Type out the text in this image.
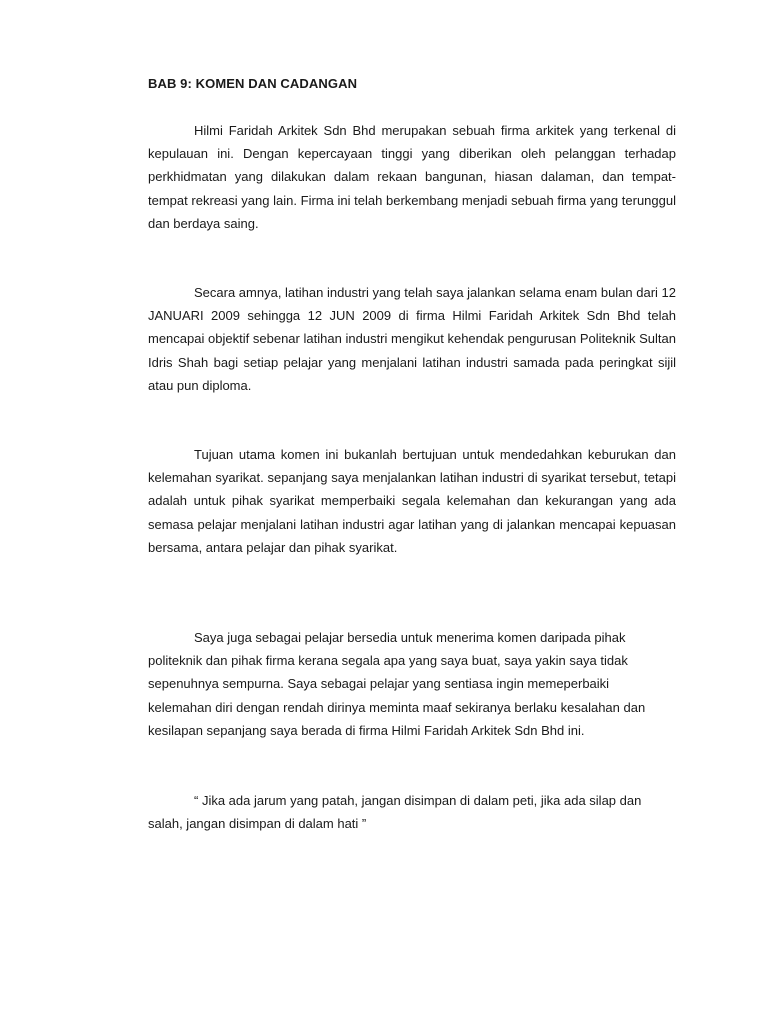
BAB 9: KOMEN DAN CADANGAN

Hilmi Faridah Arkitek Sdn Bhd merupakan sebuah firma arkitek yang terkenal di kepulauan ini. Dengan kepercayaan tinggi yang diberikan oleh pelanggan terhadap perkhidmatan yang dilakukan dalam rekaan bangunan, hiasan dalaman, dan tempat-tempat rekreasi yang lain. Firma ini telah berkembang menjadi sebuah firma yang terunggul dan berdaya saing.

Secara amnya, latihan industri yang telah saya jalankan selama enam bulan dari 12 JANUARI 2009 sehingga 12 JUN 2009 di firma Hilmi Faridah Arkitek Sdn Bhd telah mencapai objektif sebenar latihan industri mengikut kehendak pengurusan Politeknik Sultan Idris Shah bagi setiap pelajar yang menjalani latihan industri samada pada peringkat sijil atau pun diploma.

Tujuan utama komen ini bukanlah bertujuan untuk mendedahkan keburukan dan kelemahan syarikat. sepanjang saya menjalankan latihan industri di syarikat tersebut, tetapi adalah untuk pihak syarikat memperbaiki segala kelemahan dan kekurangan yang ada semasa pelajar menjalani latihan industri agar latihan yang di jalankan mencapai kepuasan bersama, antara pelajar dan pihak syarikat.

Saya juga sebagai pelajar bersedia untuk menerima komen daripada pihak politeknik dan pihak firma kerana segala apa yang saya buat, saya yakin saya tidak sepenuhnya sempurna. Saya sebagai pelajar yang sentiasa ingin memeperbaiki kelemahan diri dengan rendah dirinya meminta maaf sekiranya berlaku kesalahan dan kesilapan sepanjang saya berada di firma Hilmi Faridah Arkitek Sdn Bhd ini.

“ Jika ada jarum yang patah, jangan disimpan di dalam peti, jika ada silap dan salah, jangan disimpan di dalam hati ”
